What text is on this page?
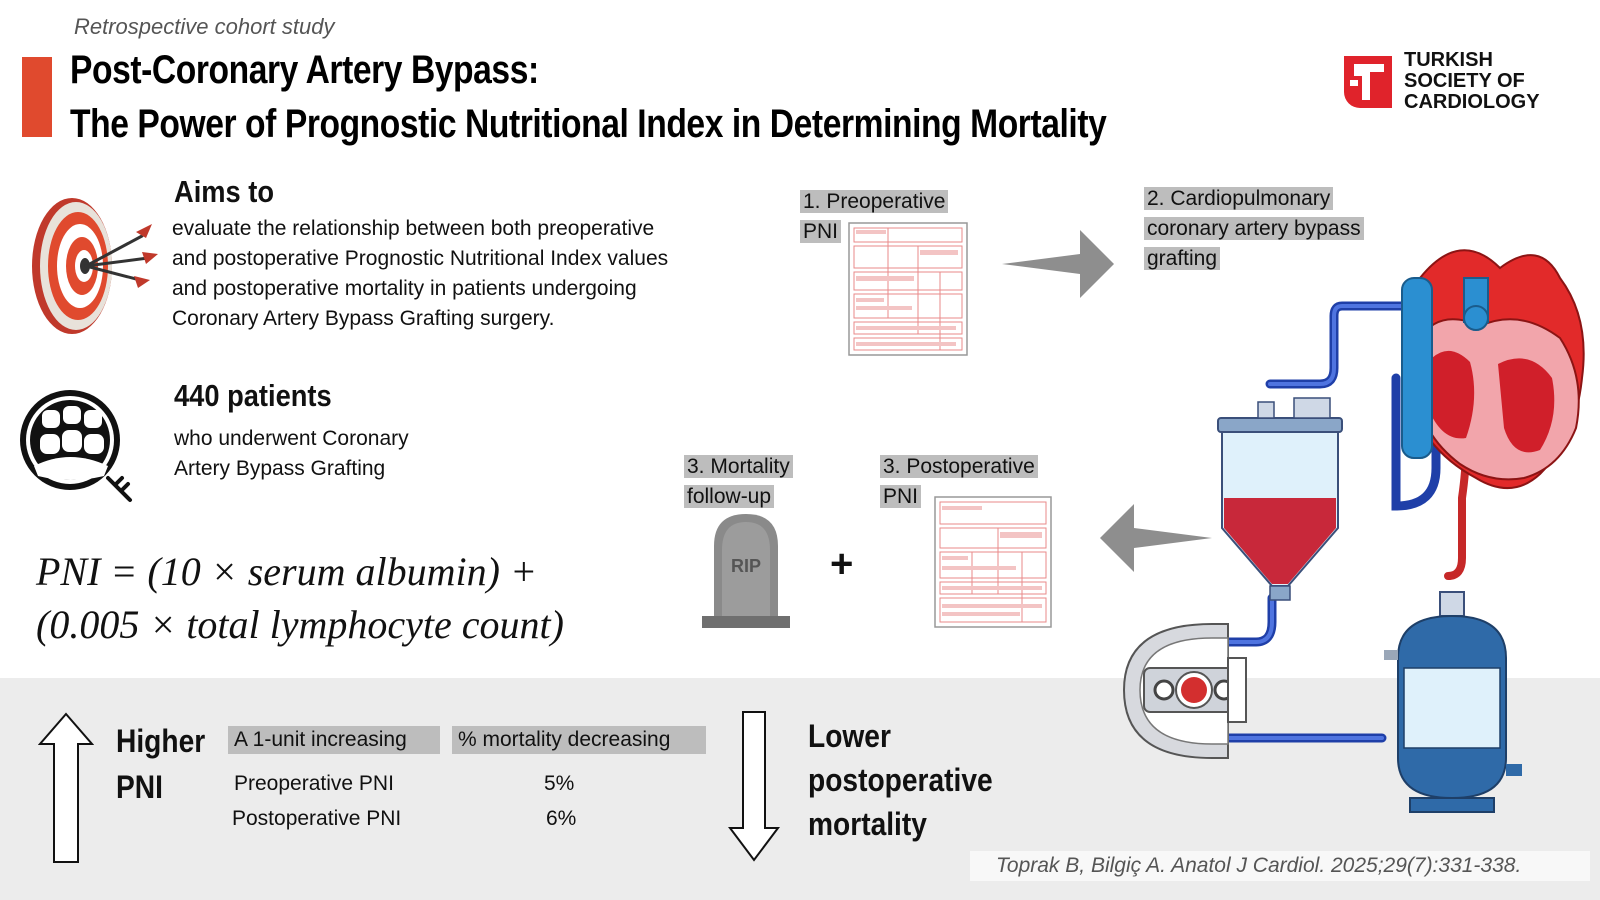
Retrospective cohort study
Post-Coronary Artery Bypass:
The Power of Prognostic Nutritional Index in Determining Mortality
TURKISH
SOCIETY OF
CARDIOLOGY
Aims to
evaluate the relationship between both preoperative
and postoperative Prognostic Nutritional Index values
and postoperative mortality in patients undergoing
Coronary Artery Bypass Grafting surgery.
440 patients
who underwent Coronary
Artery Bypass Grafting
PNI = (10 × serum albumin) +
(0.005 × total lymphocyte count)
1. Preoperative
PNI
2. Cardiopulmonary
coronary artery bypass
grafting
3. Mortality
follow-up
3. Postoperative
PNI
RIP +
Higher
PNI
A 1-unit increasing	% mortality decreasing
Preoperative PNI	5%
Postoperative PNI	6%
Lower
postoperative
mortality
Toprak B, Bilgiç A. Anatol J Cardiol. 2025;29(7):331-338.
